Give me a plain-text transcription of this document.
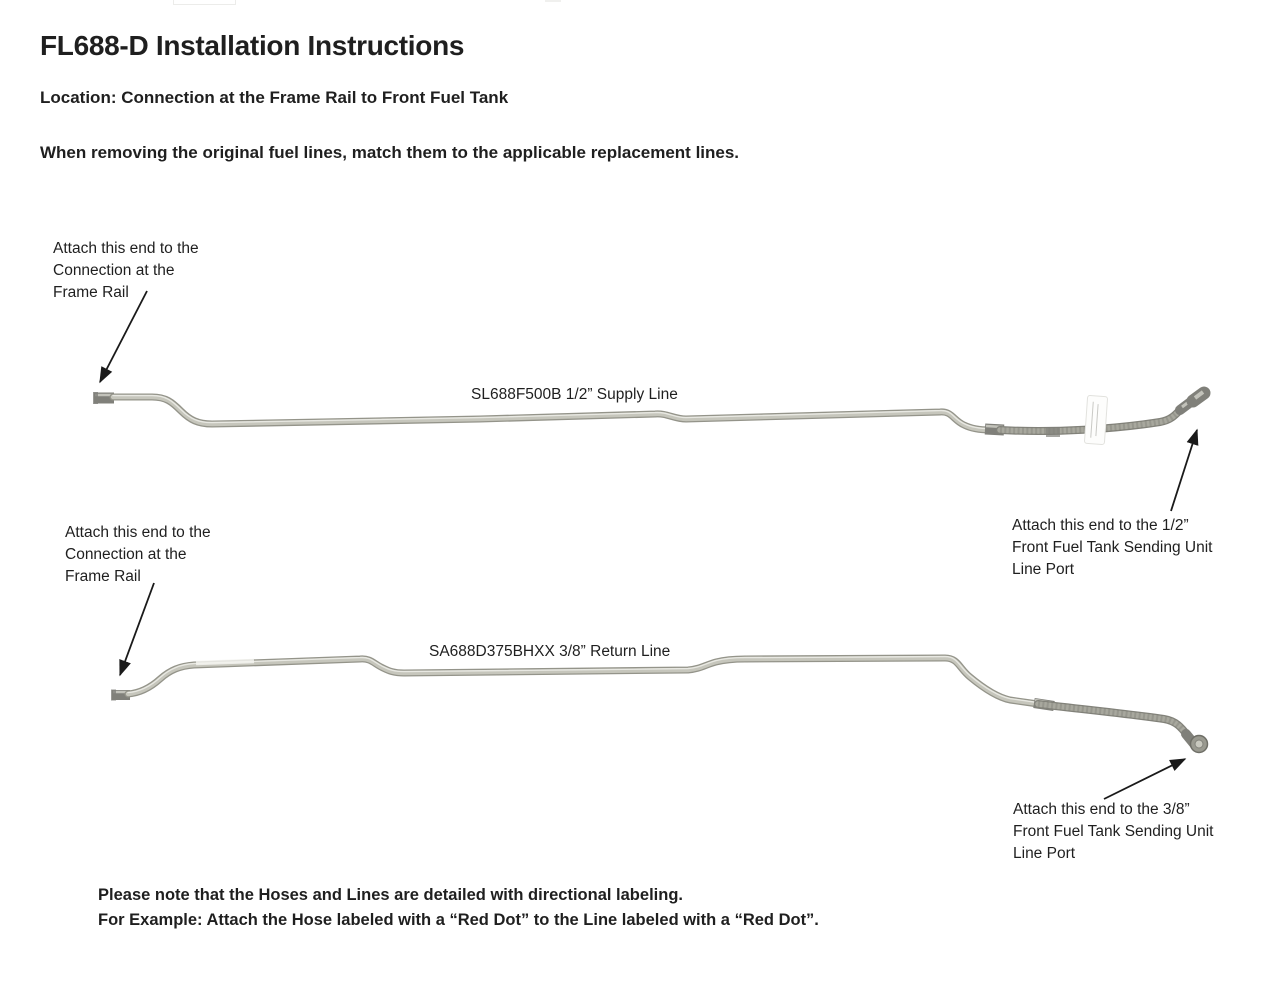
FL688-D Installation Instructions
Location: Connection at the Frame Rail to Front Fuel Tank
When removing the original fuel lines, match them to the applicable replacement lines.
Attach this end to the
Connection at the
Frame Rail
SL688F500B 1/2” Supply Line
Attach this end to the 1/2”
Front Fuel Tank Sending Unit
Line Port
Attach this end to the
Connection at the
Frame Rail
SA688D375BHXX 3/8” Return Line
Attach this end to the 3/8”
Front Fuel Tank Sending Unit
Line Port
Please note that the Hoses and Lines are detailed with directional labeling.
For Example: Attach the Hose labeled with a “Red Dot” to the Line labeled with a “Red Dot”.
